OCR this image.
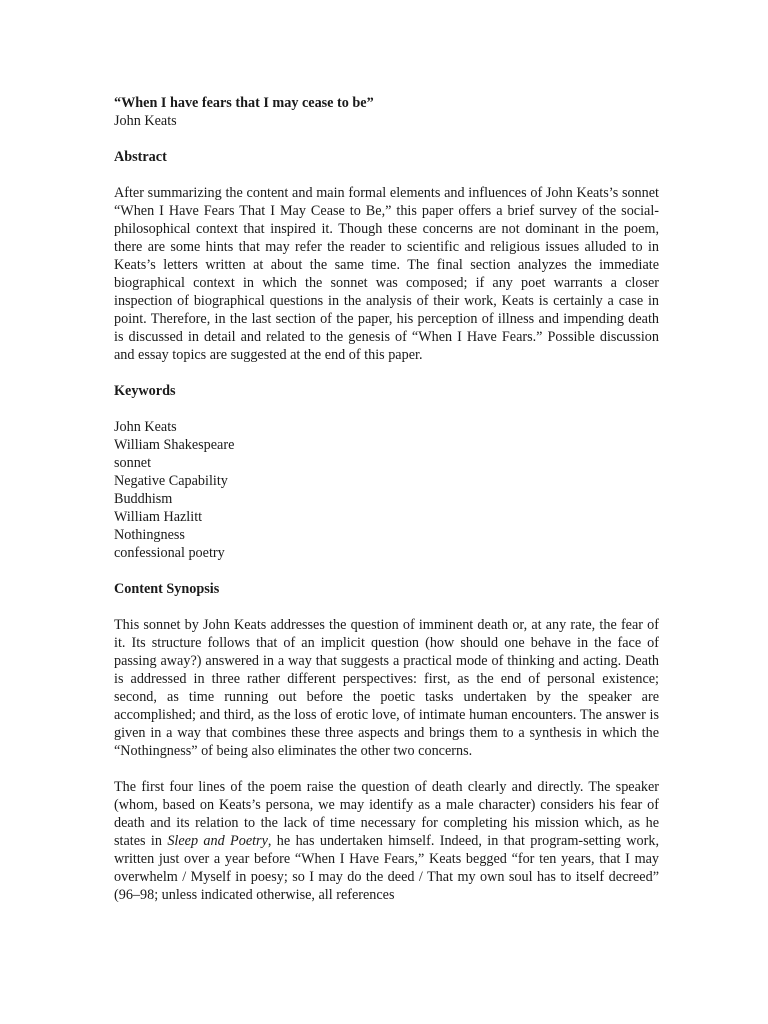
“When I have fears that I may cease to be”

John Keats

Abstract

After summarizing the content and main formal elements and influences of John Keats’s sonnet “When I Have Fears That I May Cease to Be,” this paper offers a brief survey of the social-philosophical context that inspired it. Though these concerns are not dominant in the poem, there are some hints that may refer the reader to scientific and religious issues alluded to in Keats’s letters written at about the same time. The final section analyzes the immediate biographical context in which the sonnet was composed; if any poet warrants a closer inspection of biographical questions in the analysis of their work, Keats is certainly a case in point. Therefore, in the last section of the paper, his perception of illness and impending death is discussed in detail and related to the genesis of “When I Have Fears.” Possible discussion and essay topics are suggested at the end of this paper.

Keywords
John Keats
William Shakespeare
sonnet
Negative Capability
Buddhism
William Hazlitt
Nothingness
confessional poetry
Content Synopsis

This sonnet by John Keats addresses the question of imminent death or, at any rate, the fear of it. Its structure follows that of an implicit question (how should one behave in the face of passing away?) answered in a way that suggests a practical mode of thinking and acting. Death is addressed in three rather different perspectives: first, as the end of personal existence; second, as time running out before the poetic tasks undertaken by the speaker are accomplished; and third, as the loss of erotic love, of intimate human encounters. The answer is given in a way that combines these three aspects and brings them to a synthesis in which the “Nothingness” of being also eliminates the other two concerns.

The first four lines of the poem raise the question of death clearly and directly. The speaker (whom, based on Keats’s persona, we may identify as a male character) considers his fear of death and its relation to the lack of time necessary for completing his mission which, as he states in Sleep and Poetry, he has undertaken himself. Indeed, in that program-setting work, written just over a year before “When I Have Fears,” Keats begged “for ten years, that I may overwhelm / Myself in poesy; so I may do the deed / That my own soul has to itself decreed” (96–98; unless indicated otherwise, all references
